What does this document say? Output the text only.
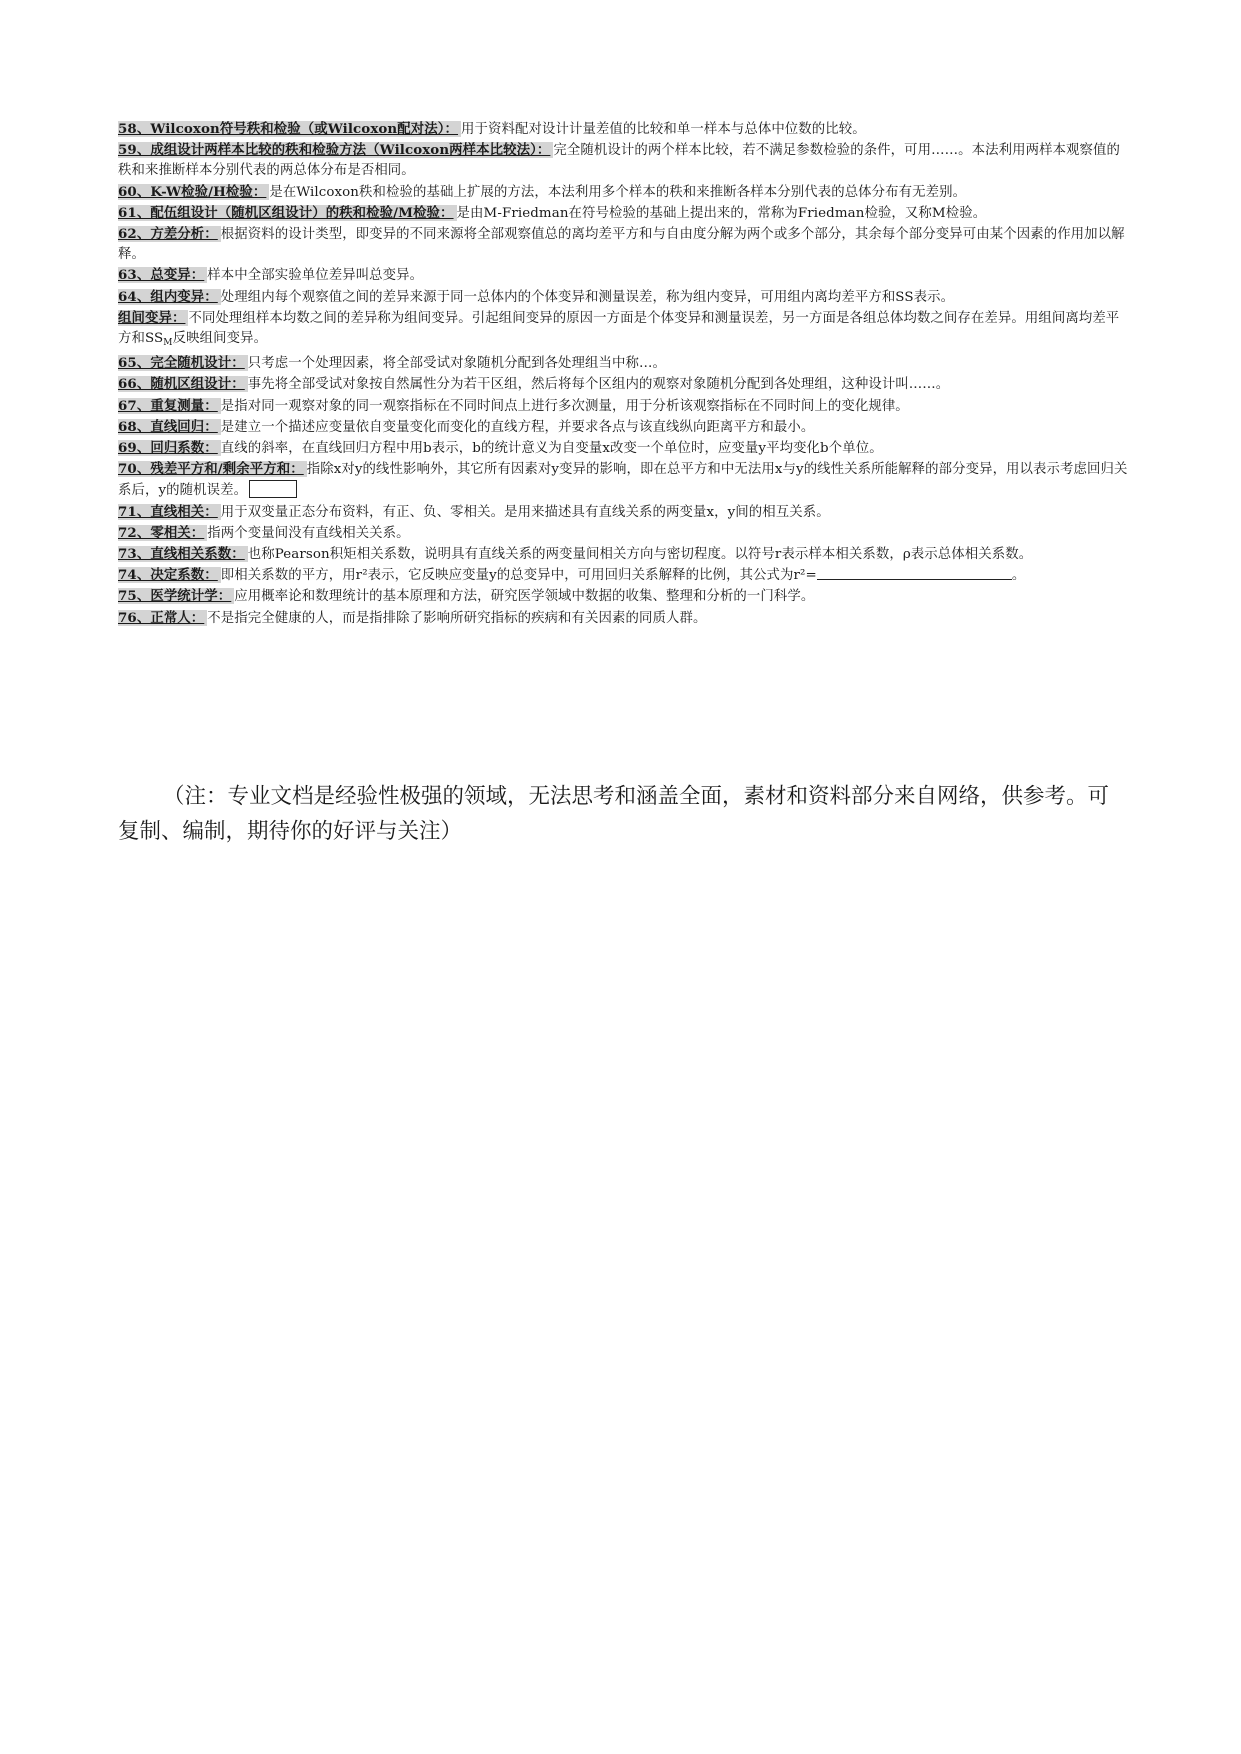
58、Wilcoxon符号秩和检验（或Wilcoxon配对法）： 用于资料配对设计计量差值的比较和单一样本与总体中位数的比较。

59、成组设计两样本比较的秩和检验方法（Wilcoxon两样本比较法）： 完全随机设计的两个样本比较，若不满足参数检验的条件，可用……。本法利用两样本观察值的秩和来推断样本分别代表的两总体分布是否相同。

60、K-W检验/H检验： 是在Wilcoxon秩和检验的基础上扩展的方法，本法利用多个样本的秩和来推断各样本分别代表的总体分布有无差别。

61、配伍组设计（随机区组设计）的秩和检验/M检验： 是由M-Friedman在符号检验的基础上提出来的，常称为Friedman检验，又称M检验。

62、方差分析： 根据资料的设计类型，即变异的不同来源将全部观察值总的离均差平方和与自由度分解为两个或多个部分，其余每个部分变异可由某个因素的作用加以解释。

63、总变异： 样本中全部实验单位差异叫总变异。

64、组内变异： 处理组内每个观察值之间的差异来源于同一总体内的个体变异和测量误差，称为组内变异，可用组内离均差平方和SS表示。

组间变异： 不同处理组样本均数之间的差异称为组间变异。引起组间变异的原因一方面是个体变异和测量误差，另一方面是各组总体均数之间存在差异。用组间离均差平方和$SS_M$反映组间变异。

65、完全随机设计： 只考虑一个处理因素，将全部受试对象随机分配到各处理组当中称…。

66、随机区组设计： 事先将全部受试对象按自然属性分为若干区组，然后将每个区组内的观察对象随机分配到各处理组，这种设计叫……。

67、重复测量： 是指对同一观察对象的同一观察指标在不同时间点上进行多次测量，用于分析该观察指标在不同时间上的变化规律。

68、直线回归： 是建立一个描述应变量依自变量变化而变化的直线方程，并要求各点与该直线纵向距离平方和最小。

69、回归系数： 直线的斜率，在直线回归方程中用b表示，b的统计意义为自变量x改变一个单位时，应变量y平均变化b个单位。

70、残差平方和/剩余平方和： 指除x对y的线性影响外，其它所有因素对y变异的影响，即在总平方和中无法用x与y的线性关系所能解释的部分变异，用以表示考虑回归关系后，y的随机误差。

71、直线相关： 用于双变量正态分布资料，有正、负、零相关。是用来描述具有直线关系的两变量x，y间的相互关系。

72、零相关： 指两个变量间没有直线相关关系。

73、直线相关系数： 也称Pearson积矩相关系数，说明具有直线关系的两变量间相关方向与密切程度。以符号r表示样本相关系数，ρ表示总体相关系数。

74、决定系数： 即相关系数的平方，用r²表示，它反映应变量y的总变异中，可用回归关系解释的比例，其公式为r²=	。

75、医学统计学： 应用概率论和数理统计的基本原理和方法，研究医学领域中数据的收集、整理和分析的一门科学。

76、正常人： 不是指完全健康的人，而是指排除了影响所研究指标的疾病和有关因素的同质人群。

（注：专业文档是经验性极强的领域，无法思考和涵盖全面，素材和资料部分来自网络，供参考。可复制、编制，期待你的好评与关注）
